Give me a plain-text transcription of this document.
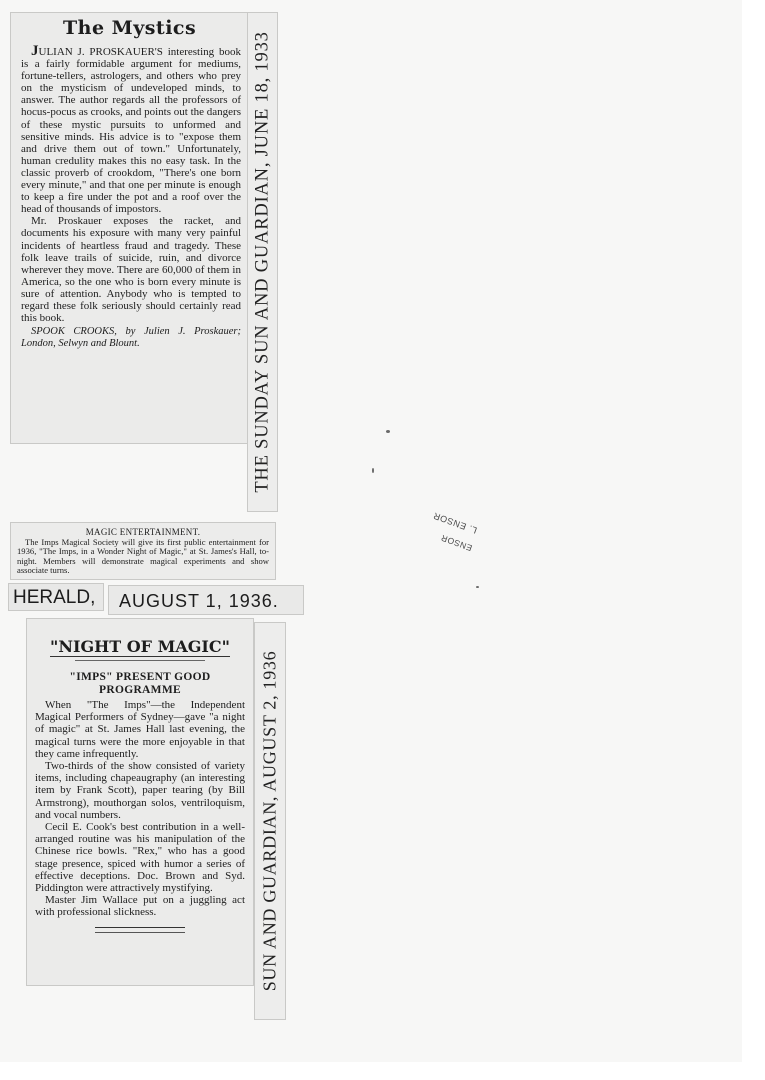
The Mystics

JULIAN J. PROSKAUER'S interesting book is a fairly formidable argument for mediums, fortune-tellers, astrologers, and others who prey on the mysticism of undeveloped minds, to answer. The author regards all the professors of hocus-pocus as crooks, and points out the dangers of these mystic pursuits to unformed and sensitive minds. His advice is to "expose them and drive them out of town." Unfortunately, human credulity makes this no easy task. In the classic proverb of crookdom, "There's one born every minute," and that one per minute is enough to keep a fire under the pot and a roof over the head of thousands of impostors.

Mr. Proskauer exposes the racket, and documents his exposure with many very painful incidents of heartless fraud and tragedy. These folk leave trails of suicide, ruin, and divorce wherever they move. There are 60,000 of them in America, so the one who is born every minute is sure of attention. Anybody who is tempted to regard these folk seriously should certainly read this book.

SPOOK CROOKS, by Julien J. Proskauer; London, Selwyn and Blount.	THE SUNDAY SUN AND GUARDIAN, JUNE 18, 1933
MAGIC ENTERTAINMENT.

The Imps Magical Society will give its first public entertainment for 1936, "The Imps, in a Wonder Night of Magic," at St. James's Hall, to-night. Members will demonstrate magical experiments and show associate turns.

HERALD,	AUGUST 1, 1936.
"NIGHT OF MAGIC"
"IMPS" PRESENT GOOD PROGRAMME

When "The Imps"—the Independent Magical Performers of Sydney—gave "a night of magic" at St. James Hall last evening, the magical turns were the more enjoyable in that they came infrequently.

Two-thirds of the show consisted of variety items, including chapeaugraphy (an interesting item by Frank Scott), paper tearing (by Bill Armstrong), mouthorgan solos, ventriloquism, and vocal numbers.

Cecil E. Cook's best contribution in a well-arranged routine was his manipulation of the Chinese rice bowls. "Rex," who has a good stage presence, spiced with humor a series of effective deceptions. Doc. Brown and Syd. Piddington were attractively mystifying.

Master Jim Wallace put on a juggling act with professional slickness.	SUN AND GUARDIAN, AUGUST 2, 1936
L. ENSOR
ENSOR
